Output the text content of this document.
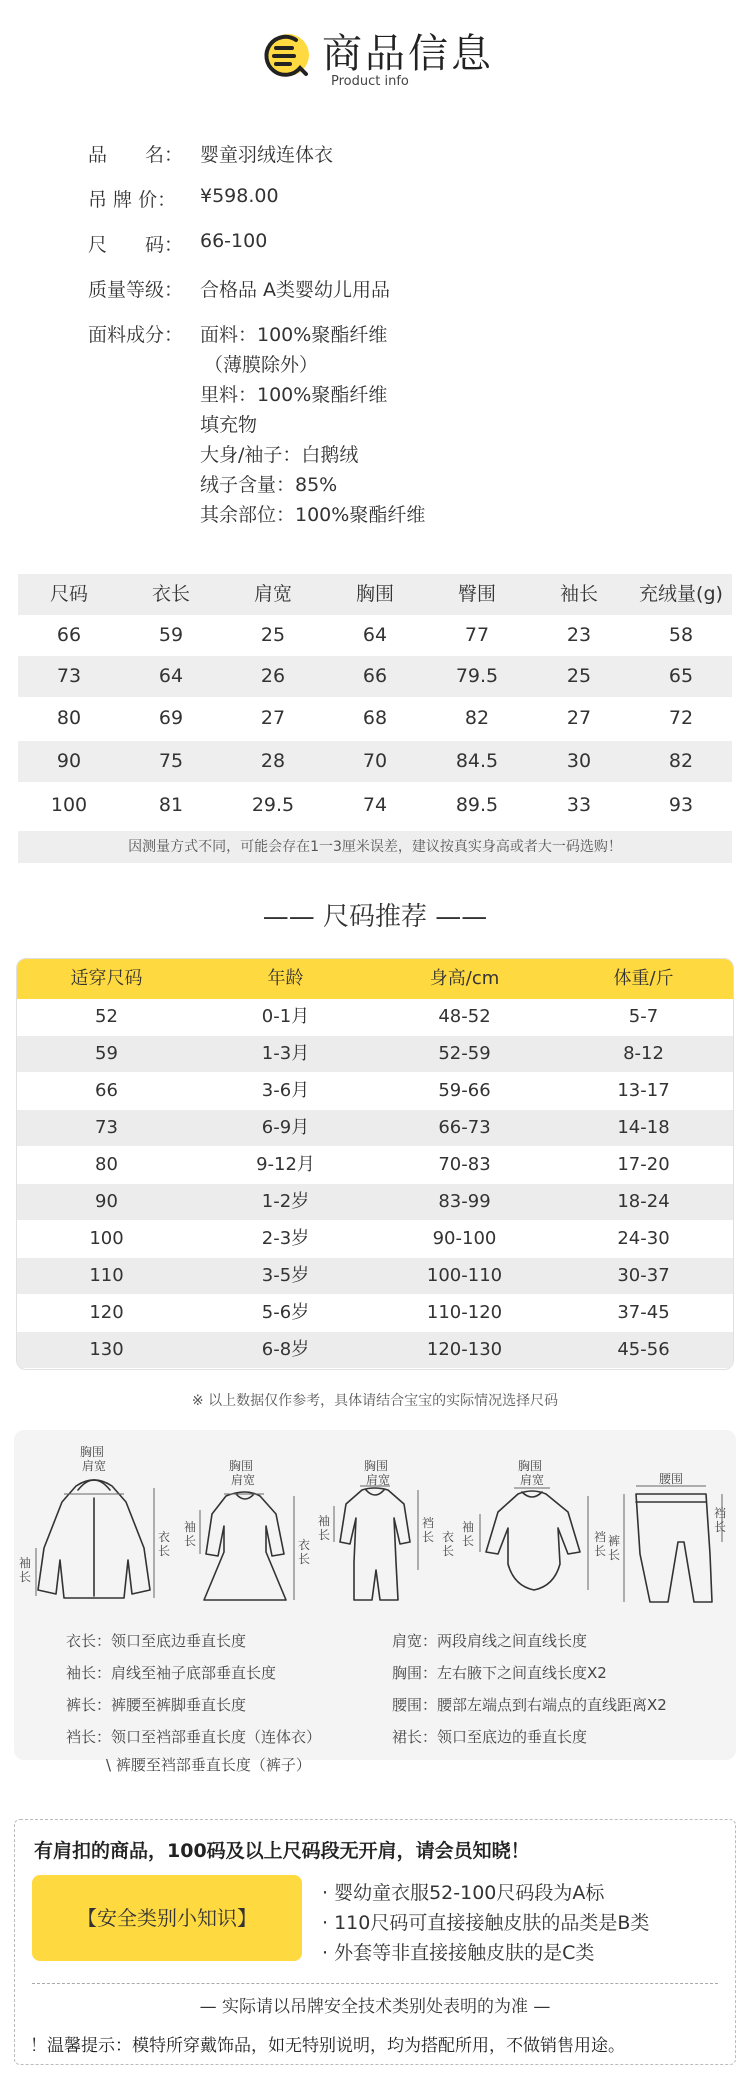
商品信息
Product info
品　　名： 婴童羽绒连体衣
吊 牌 价：	¥598.00
尺　　码： 66-100
质量等级： 合格品 A类婴幼儿用品
面料成分： 面料：100%聚酯纤维
（薄膜除外）
里料：100%聚酯纤维
填充物
大身/袖子：白鹅绒
绒子含量：85%
其余部位：100%聚酯纤维
尺码	衣长	肩宽	胸围	臀围	袖长	充绒量(g)
66	59	25	64	77	23	58
73	64	26	66	79.5	25	65
80	69	27	68	82	27	72
90	75	28	70	84.5	30	82
100	81	29.5	74	89.5	33	93
因测量方式不同，可能会存在1一3厘米误差，建议按真实身高或者大一码选购！
—— 尺码推荐 ——
适穿尺码	年龄	身高/cm	体重/斤
52	0-1月	48-52	5-7
59	1-3月	52-59	8-12
66	3-6月	59-66	13-17
73	6-9月	66-73	14-18
80	9-12月	70-83	17-20
90	1-2岁	83-99	18-24
100	2-3岁	90-100	24-30
110	3-5岁	100-110	30-37
120	5-6岁	110-120	37-45
130	6-8岁	120-130	45-56
※ 以上数据仅作参考，具体请结合宝宝的实际情况选择尺码
胸围
肩宽
衣长
袖长
胸围
肩宽
袖长	衣长
胸围
肩宽
袖长
裆长 衣长
胸围
肩宽
袖长	裆长
腰围
裤长
裆长
衣长：领口至底边垂直长度	肩宽：两段肩线之间直线长度
袖长：肩线至袖子底部垂直长度	胸围：左右腋下之间直线长度X2
裤长：裤腰至裤脚垂直长度	腰围：腰部左端点到右端点的直线距离X2
裆长：领口至裆部垂直长度（连体衣）	裙长：领口至底边的垂直长度
\ 裤腰至裆部垂直长度（裤子）
有肩扣的商品，100码及以上尺码段无开肩，请会员知晓！
【安全类别小知识】
· 婴幼童衣服52-100尺码段为A标
· 110尺码可直接接触皮肤的品类是B类
· 外套等非直接接触皮肤的是C类
— 实际请以吊牌安全技术类别处表明的为准 —
！温馨提示：模特所穿戴饰品，如无特别说明，均为搭配所用，不做销售用途。
